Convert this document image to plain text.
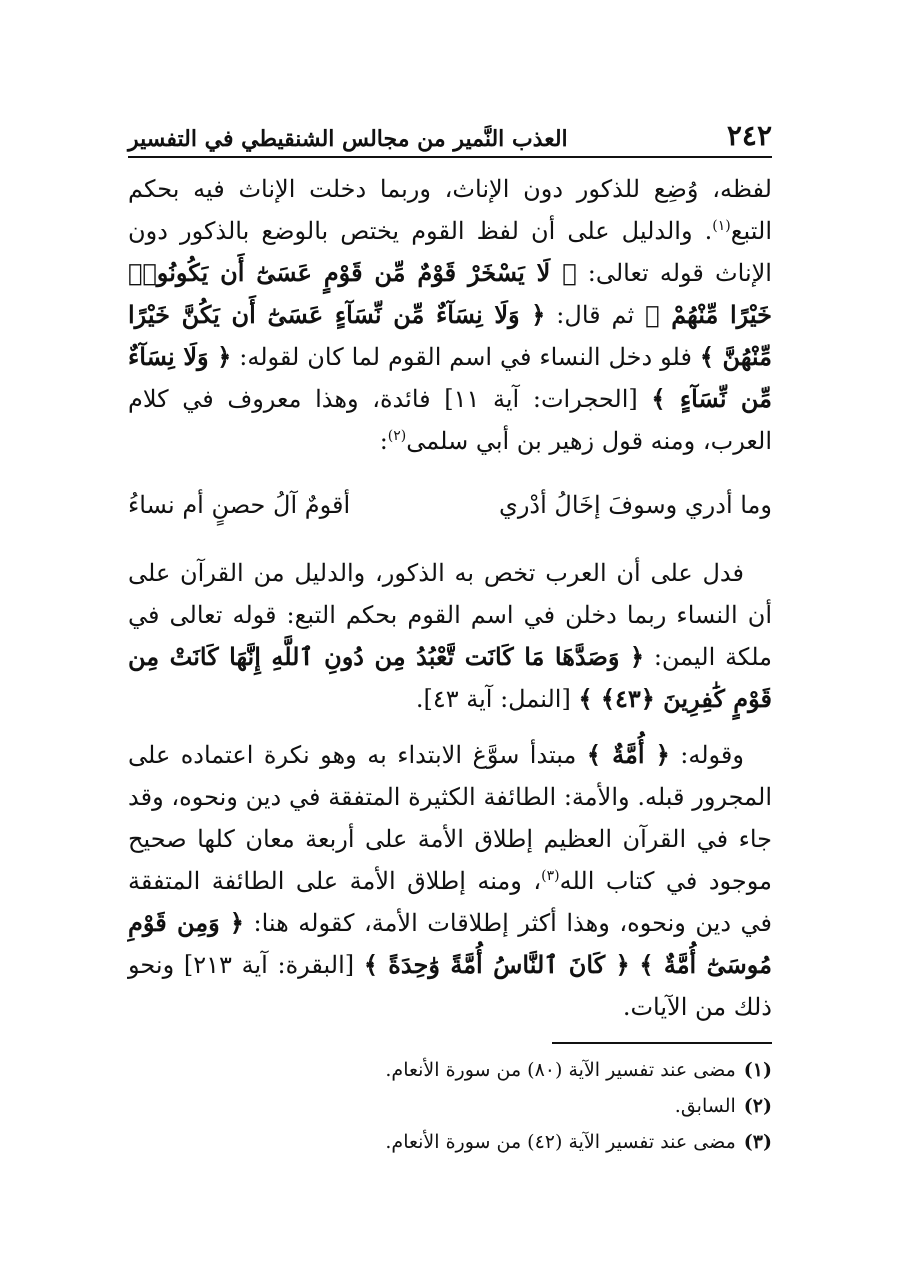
٢٤٢
العذب النَّمير من مجالس الشنقيطي في التفسير

لفظه، وُضِع للذكور دون الإناث، وربما دخلت الإناث فيه بحكم التبع$^{(١)}$. والدليل على أن لفظ القوم يختص بالوضع بالذكور دون الإناث قوله تعالى: ﴿ لَا يَسْخَرْ قَوْمٌ مِّن قَوْمٍ عَسَىٰٓ أَن يَكُونُوا۟ خَيْرًا مِّنْهُمْ ﴾ ثم قال: ﴿ وَلَا نِسَآءٌ مِّن نِّسَآءٍ عَسَىٰٓ أَن يَكُنَّ خَيْرًا مِّنْهُنَّ ﴾ فلو دخل النساء في اسم القوم لما كان لقوله: ﴿ وَلَا نِسَآءٌ مِّن نِّسَآءٍ ﴾ [الحجرات: آية ١١] فائدة، وهذا معروف في كلام العرب، ومنه قول زهير بن أبي سلمى$^{(٢)}$:

وما أدري وسوفَ إخَالُ أدْري
أقومٌ آلُ حصنٍ أم نساءُ

فدل على أن العرب تخص به الذكور، والدليل من القرآن على أن النساء ربما دخلن في اسم القوم بحكم التبع: قوله تعالى في ملكة اليمن: ﴿ وَصَدَّهَا مَا كَانَت تَّعْبُدُ مِن دُونِ ٱللَّهِ إِنَّهَا كَانَتْ مِن قَوْمٍ كَٰفِرِينَ ﴿٤٣﴾ ﴾ [النمل: آية ٤٣].

وقوله: ﴿ أُمَّةٌ ﴾ مبتدأ سوَّغ الابتداء به وهو نكرة اعتماده على المجرور قبله. والأمة: الطائفة الكثيرة المتفقة في دين ونحوه، وقد جاء في القرآن العظيم إطلاق الأمة على أربعة معان كلها صحيح موجود في كتاب الله$^{(٣)}$، ومنه إطلاق الأمة على الطائفة المتفقة في دين ونحوه، وهذا أكثر إطلاقات الأمة، كقوله هنا: ﴿ وَمِن قَوْمِ مُوسَىٰٓ أُمَّةٌ ﴾ ﴿ كَانَ ٱلنَّاسُ أُمَّةً وَٰحِدَةً ﴾ [البقرة: آية ٢١٣] ونحو ذلك من الآيات.

(١)
مضى عند تفسير الآية (٨٠) من سورة الأنعام.
(٢)
السابق.
(٣)
مضى عند تفسير الآية (٤٢) من سورة الأنعام.
